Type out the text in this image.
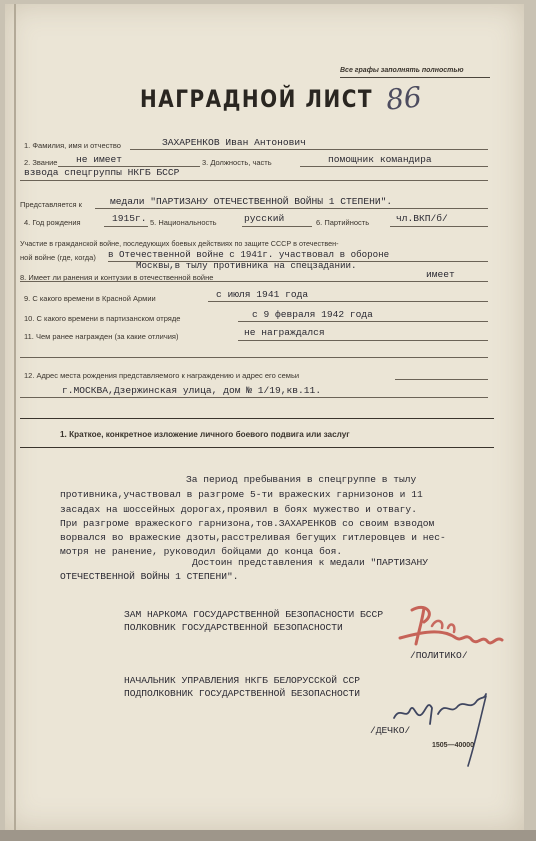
Все графы заполнять полностью
НАГРАДНОЙ ЛИСТ 86
1. Фамилия, имя и отчество	ЗАХАРЕНКОВ Иван Антонович
2. Звание не имеет	3. Должность, часть	помощник командира
взвода спецгруппы НКГБ БССР
Представляется к	медали "ПАРТИЗАНУ ОТЕЧЕСТВЕННОЙ ВОЙНЫ 1 СТЕПЕНИ".
4. Год рождения	1915г. 5. Национальность	русский	6. Партийность	чл.ВКП/б/
Участие в гражданской войне, последующих боевых действиях по защите СССР в отечествен-
ной войне (где, когда) в Отечественной войне с 1941г. участвовал в обороне
Москвы,в тылу противника на спецзадании.
8. Имеет ли ранения и контузии в отечественной войне	имеет
9. С какого времени в Красной Армии	с июля 1941 года
10. С какого времени в партизанском отряде	с 9 февраля 1942 года
11. Чем ранее награжден (за какие отличия)	не награждался
12. Адрес места рождения представляемого к награждению и адрес его семьи
г.МОСКВА,Дзержинская улица, дом № 1/19,кв.11.
1. Краткое, конкретное изложение личного боевого подвига или заслуг
За период пребывания в спецгруппе в тылу
противника,участвовал в разгроме 5-ти вражеских гарнизонов и 11
засадах на шоссейных дорогах,проявил в боях мужество и отвагу.
При разгроме вражеского гарнизона,тов.ЗАХАРЕНКОВ со своим взводом
ворвался во вражеские дзоты,расстреливая бегущих гитлеровцев и нес-
мотря не ранение, руководил бойцами до конца боя.
Достоин представления к медали "ПАРТИЗАНУ
ОТЕЧЕСТВЕННОЙ ВОЙНЫ 1 СТЕПЕНИ".
ЗАМ НАРКОМА ГОСУДАРСТВЕННОЙ БЕЗОПАСНОСТИ БССР
ПОЛКОВНИК ГОСУДАРСТВЕННОЙ БЕЗОПАСНОСТИ
/ПОЛИТИКО/
НАЧАЛЬНИК УПРАВЛЕНИЯ НКГБ БЕЛОРУССКОЙ ССР
ПОДПОЛКОВНИК ГОСУДАРСТВЕННОЙ БЕЗОПАСНОСТИ
/ДЕЧКО/
1505—40000
